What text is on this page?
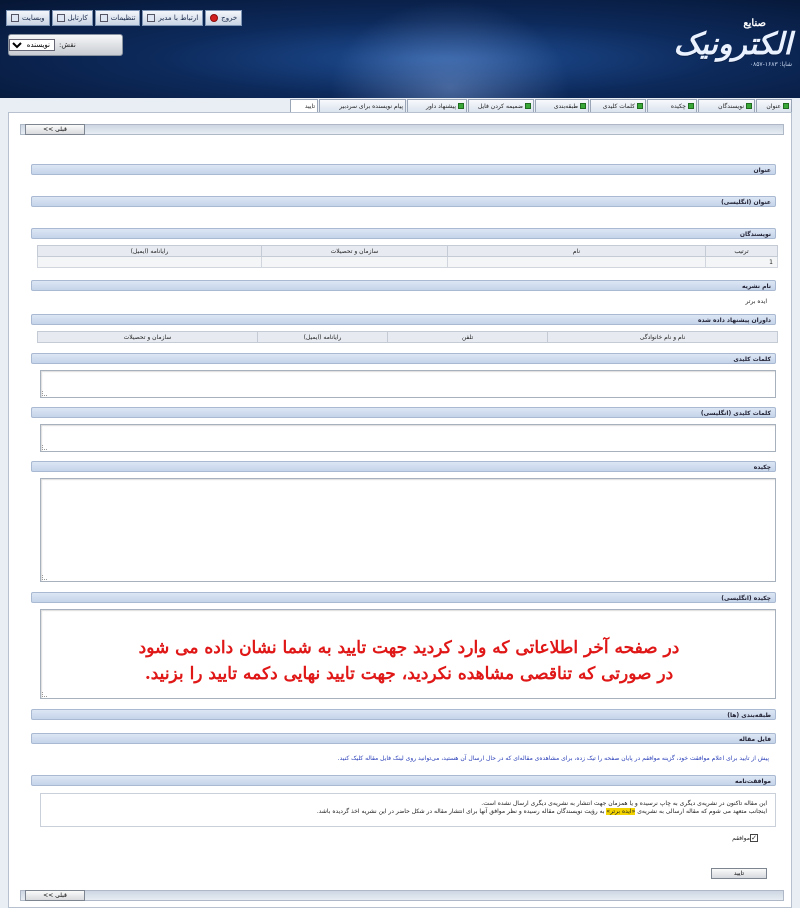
وبسایت	کارتابل	تنظیمات	ارتباط با مدیر	خروج
نقش:
نویسنده
صنایع
الکترونیک
شاپا: ۱۶۸۳-۰۸۵۷
عنوان
نویسندگان
چکیده
کلمات کلیدی
طبقه‌بندی
ضمیمه کردن فایل
پیشنهاد داور
پیام نویسنده برای سردبیر
تایید
<< قبلی
عنوان
عنوان (انگلیسی)
نویسندگان
ترتیب	نام	سازمان و تحصیلات	رایانامه (ایمیل)
1			
نام نشریه
ایده برتر
داوران پیشنهاد داده شده
نام و نام خانوادگی	تلفن	رایانامه (ایمیل)	سازمان و تحصیلات
کلمات کلیدی
کلمات کلیدی (انگلیسی)
چکیده
چکیده (انگلیسی)
در صفحه آخر اطلاعاتی که وارد کردید جهت تایید به شما نشان داده می شود
در صورتی که تناقصی مشاهده نکردید، جهت تایید نهایی دکمه تایید را بزنید.
طبقه‌بندی (ها)
فایل مقاله
پیش از تایید برای اعلام موافقت خود، گزینه موافقم در پایان صفحه را تیک زده، برای مشاهده‌ی مقاله‌ای که در حال ارسال آن هستید، می‌توانید روی لینک فایل مقاله کلیک کنید.
موافقت‌نامه
این مقاله تاکنون در نشریه‌ی دیگری به چاپ نرسیده و یا همزمان جهت انتشار به نشریه‌ی دیگری ارسال نشده است.
اینجانب متعهد می شوم که مقاله ارسالی به نشریه‌ی «ایده برتر» به رؤیت نویسندگان مقاله رسیده و نظر موافق آنها برای انتشار مقاله در شکل حاضر در این نشریه اخذ گردیده باشد.
✓
موافقم
تایید
<< قبلی
